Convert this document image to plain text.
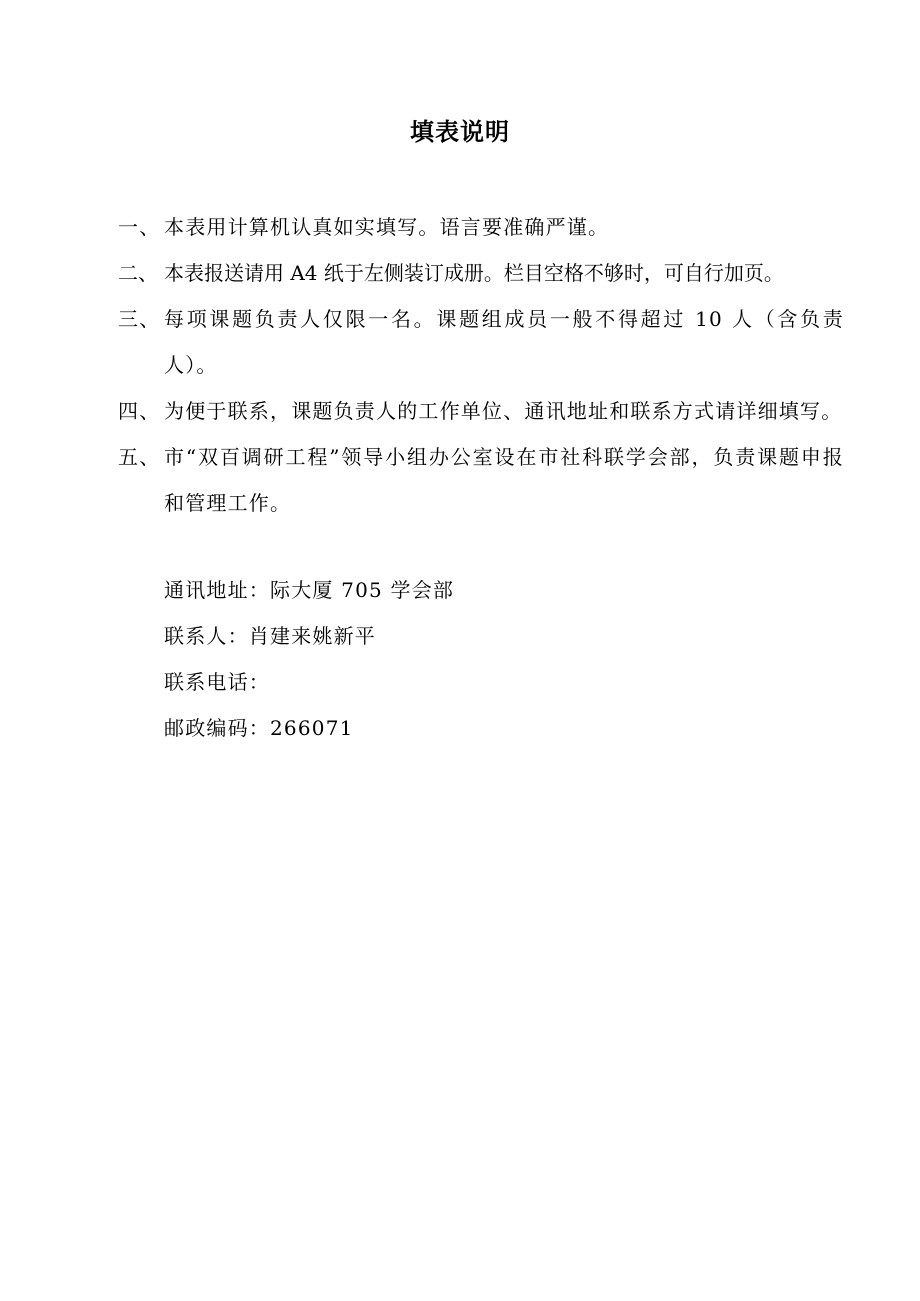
填表说明

一、 本表用计算机认真如实填写。语言要准确严谨。

二、 本表报送请用 A4 纸于左侧装订成册。栏目空格不够时，可自行加页。

三、 每项课题负责人仅限一名。课题组成员一般不得超过 10 人（含负责人）。

四、 为便于联系，课题负责人的工作单位、通讯地址和联系方式请详细填写。

五、 市“双百调研工程”领导小组办公室设在市社科联学会部，负责课题申报和管理工作。

通讯地址：际大厦 705 学会部

联系人：肖建来姚新平

联系电话：

邮政编码：266071
